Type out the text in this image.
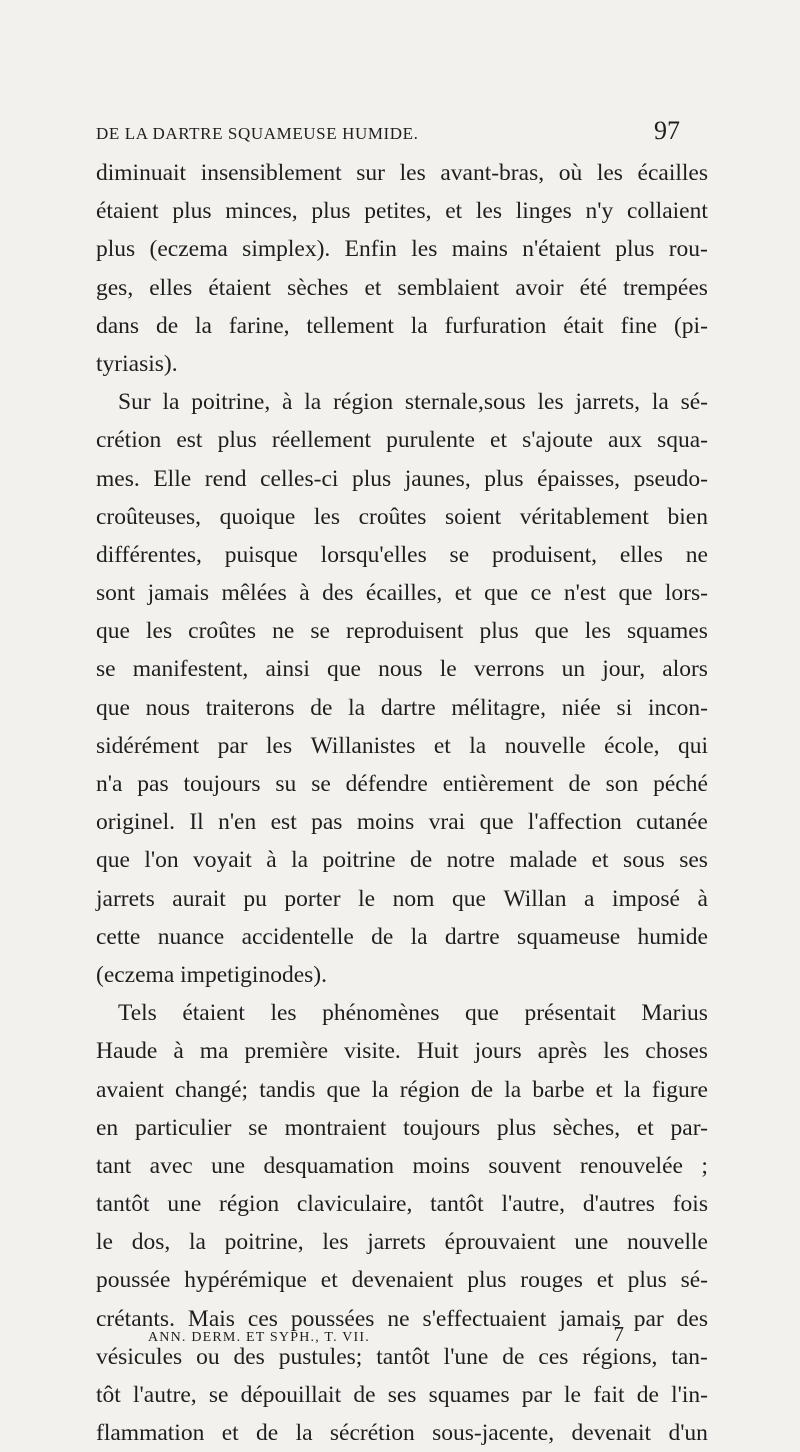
DE LA DARTRE SQUAMEUSE HUMIDE.	97
diminuait insensiblement sur les avant-bras, où les écailles
étaient plus minces, plus petites, et les linges n'y collaient
plus (eczema simplex). Enfin les mains n'étaient plus rou-
ges, elles étaient sèches et semblaient avoir été trempées
dans de la farine, tellement la furfuration était fine (pi-
tyriasis).
Sur la poitrine, à la région sternale,sous les jarrets, la sé-
crétion est plus réellement purulente et s'ajoute aux squa-
mes. Elle rend celles-ci plus jaunes, plus épaisses, pseudo-
croûteuses, quoique les croûtes soient véritablement bien
différentes, puisque lorsqu'elles se produisent, elles ne
sont jamais mêlées à des écailles, et que ce n'est que lors-
que les croûtes ne se reproduisent plus que les squames
se manifestent, ainsi que nous le verrons un jour, alors
que nous traiterons de la dartre mélitagre, niée si incon-
sidérément par les Willanistes et la nouvelle école, qui
n'a pas toujours su se défendre entièrement de son péché
originel. Il n'en est pas moins vrai que l'affection cutanée
que l'on voyait à la poitrine de notre malade et sous ses
jarrets aurait pu porter le nom que Willan a imposé à
cette nuance accidentelle de la dartre squameuse humide
(eczema impetiginodes).
Tels étaient les phénomènes que présentait Marius
Haude à ma première visite. Huit jours après les choses
avaient changé; tandis que la région de la barbe et la figure
en particulier se montraient toujours plus sèches, et par-
tant avec une desquamation moins souvent renouvelée ;
tantôt une région claviculaire, tantôt l'autre, d'autres fois
le dos, la poitrine, les jarrets éprouvaient une nouvelle
poussée hypérémique et devenaient plus rouges et plus sé-
crétants. Mais ces poussées ne s'effectuaient jamais par des
vésicules ou des pustules; tantôt l'une de ces régions, tan-
tôt l'autre, se dépouillait de ses squames par le fait de l'in-
flammation et de la sécrétion sous-jacente, devenait d'un
ANN. DERM. ET SYPH., T. VII.	7
